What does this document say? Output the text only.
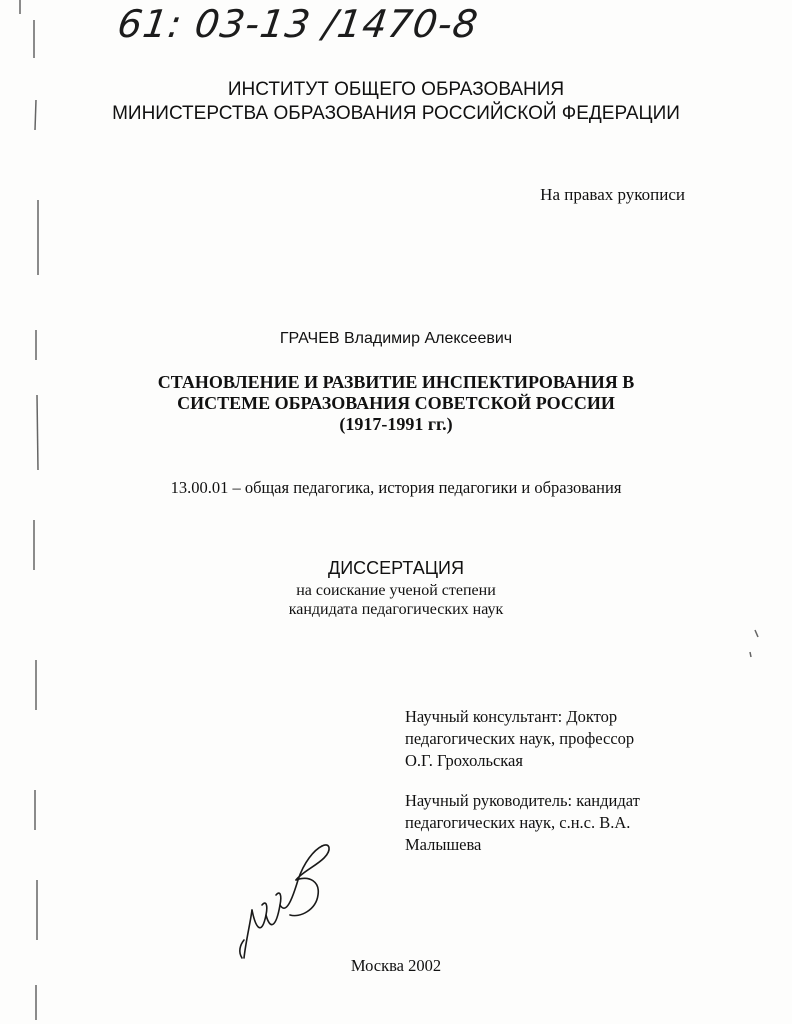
61: 03-13 /1470-8
ИНСТИТУТ ОБЩЕГО ОБРАЗОВАНИЯ
МИНИСТЕРСТВА ОБРАЗОВАНИЯ РОССИЙСКОЙ ФЕДЕРАЦИИ
На правах рукописи
ГРАЧЕВ Владимир Алексеевич
СТАНОВЛЕНИЕ И РАЗВИТИЕ ИНСПЕКТИРОВАНИЯ В
СИСТЕМЕ ОБРАЗОВАНИЯ СОВЕТСКОЙ РОССИИ
(1917-1991 гг.)
13.00.01 – общая педагогика, история педагогики и образования
ДИССЕРТАЦИЯ
на соискание ученой степени
кандидата педагогических наук
Научный консультант: Доктор
педагогических наук, профессор
О.Г. Грохольская
Научный руководитель: кандидат
педагогических наук, с.н.с. В.А.
Малышева
Москва 2002
